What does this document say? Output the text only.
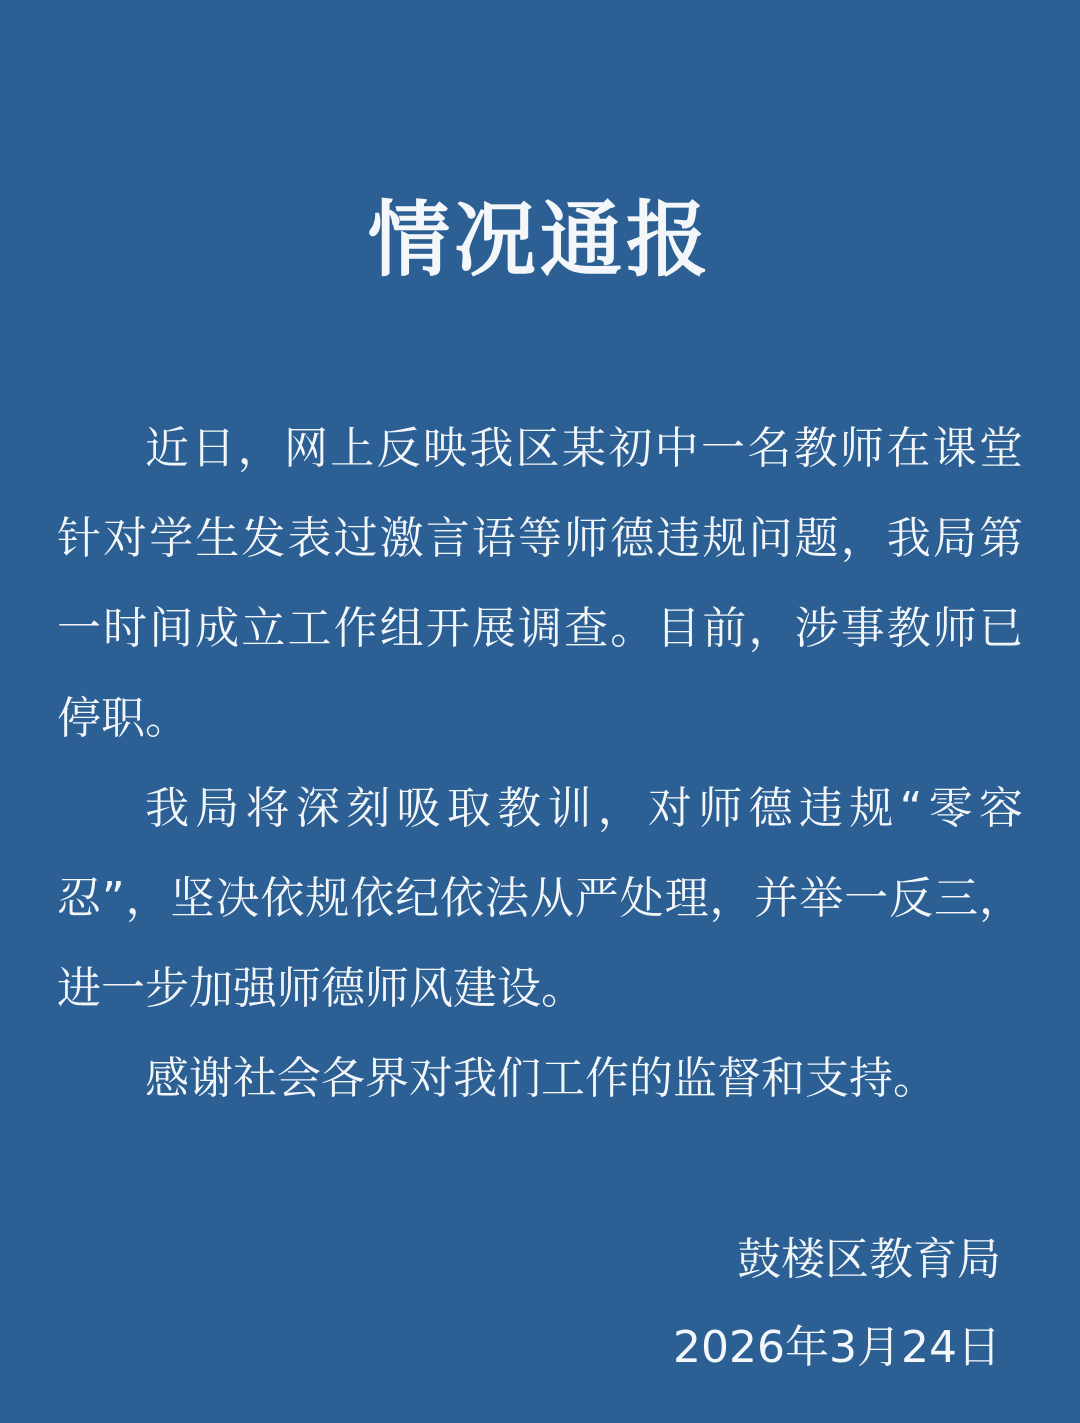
情况通报

近日，网上反映我区某初中一名教师在课堂针对学生发表过激言语等师德违规问题，我局第一时间成立工作组开展调查。目前，涉事教师已停职。

我局将深刻吸取教训，对师德违规“零容忍”，坚决依规依纪依法从严处理，并举一反三，进一步加强师德师风建设。

感谢社会各界对我们工作的监督和支持。

鼓楼区教育局
2026年3月24日
